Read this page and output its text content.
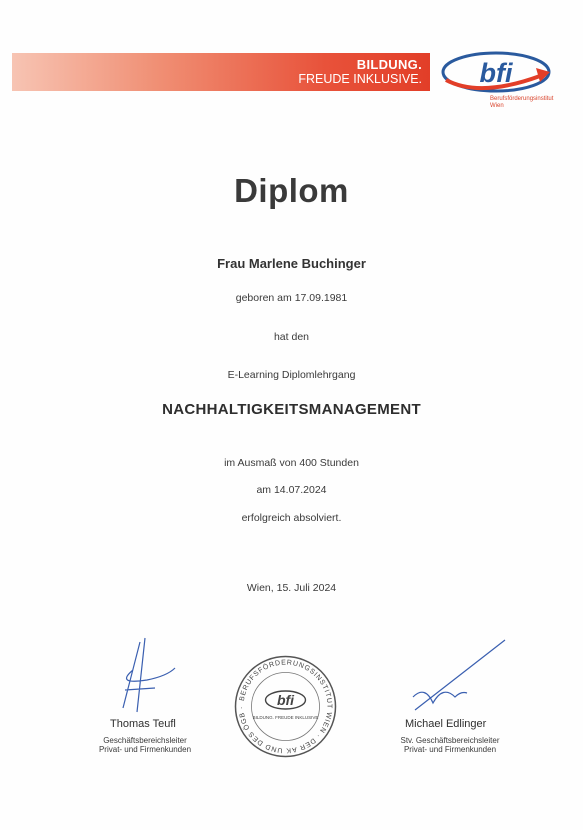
BILDUNG.
FREUDE INKLUSIVE. bfi
Berufsförderungsinstitut
Wien
Diplom
Frau Marlene Buchinger
geboren am 17.09.1981
hat den
E-Learning Diplomlehrgang
NACHHALTIGKEITSMANAGEMENT
im Ausmaß von 400 Stunden
am 14.07.2024
erfolgreich absolviert.
Wien, 15. Juli 2024
Thomas Teufl
Geschäftsbereichsleiter
Privat- und Firmenkunden
BERUFSFÖRDERUNGSINSTITUT WIEN · DER AK UND DES ÖGB ·	bfi
BILDUNG. FREUDE INKLUSIVE
Michael Edlinger
Stv. Geschäftsbereichsleiter
Privat- und Firmenkunden
